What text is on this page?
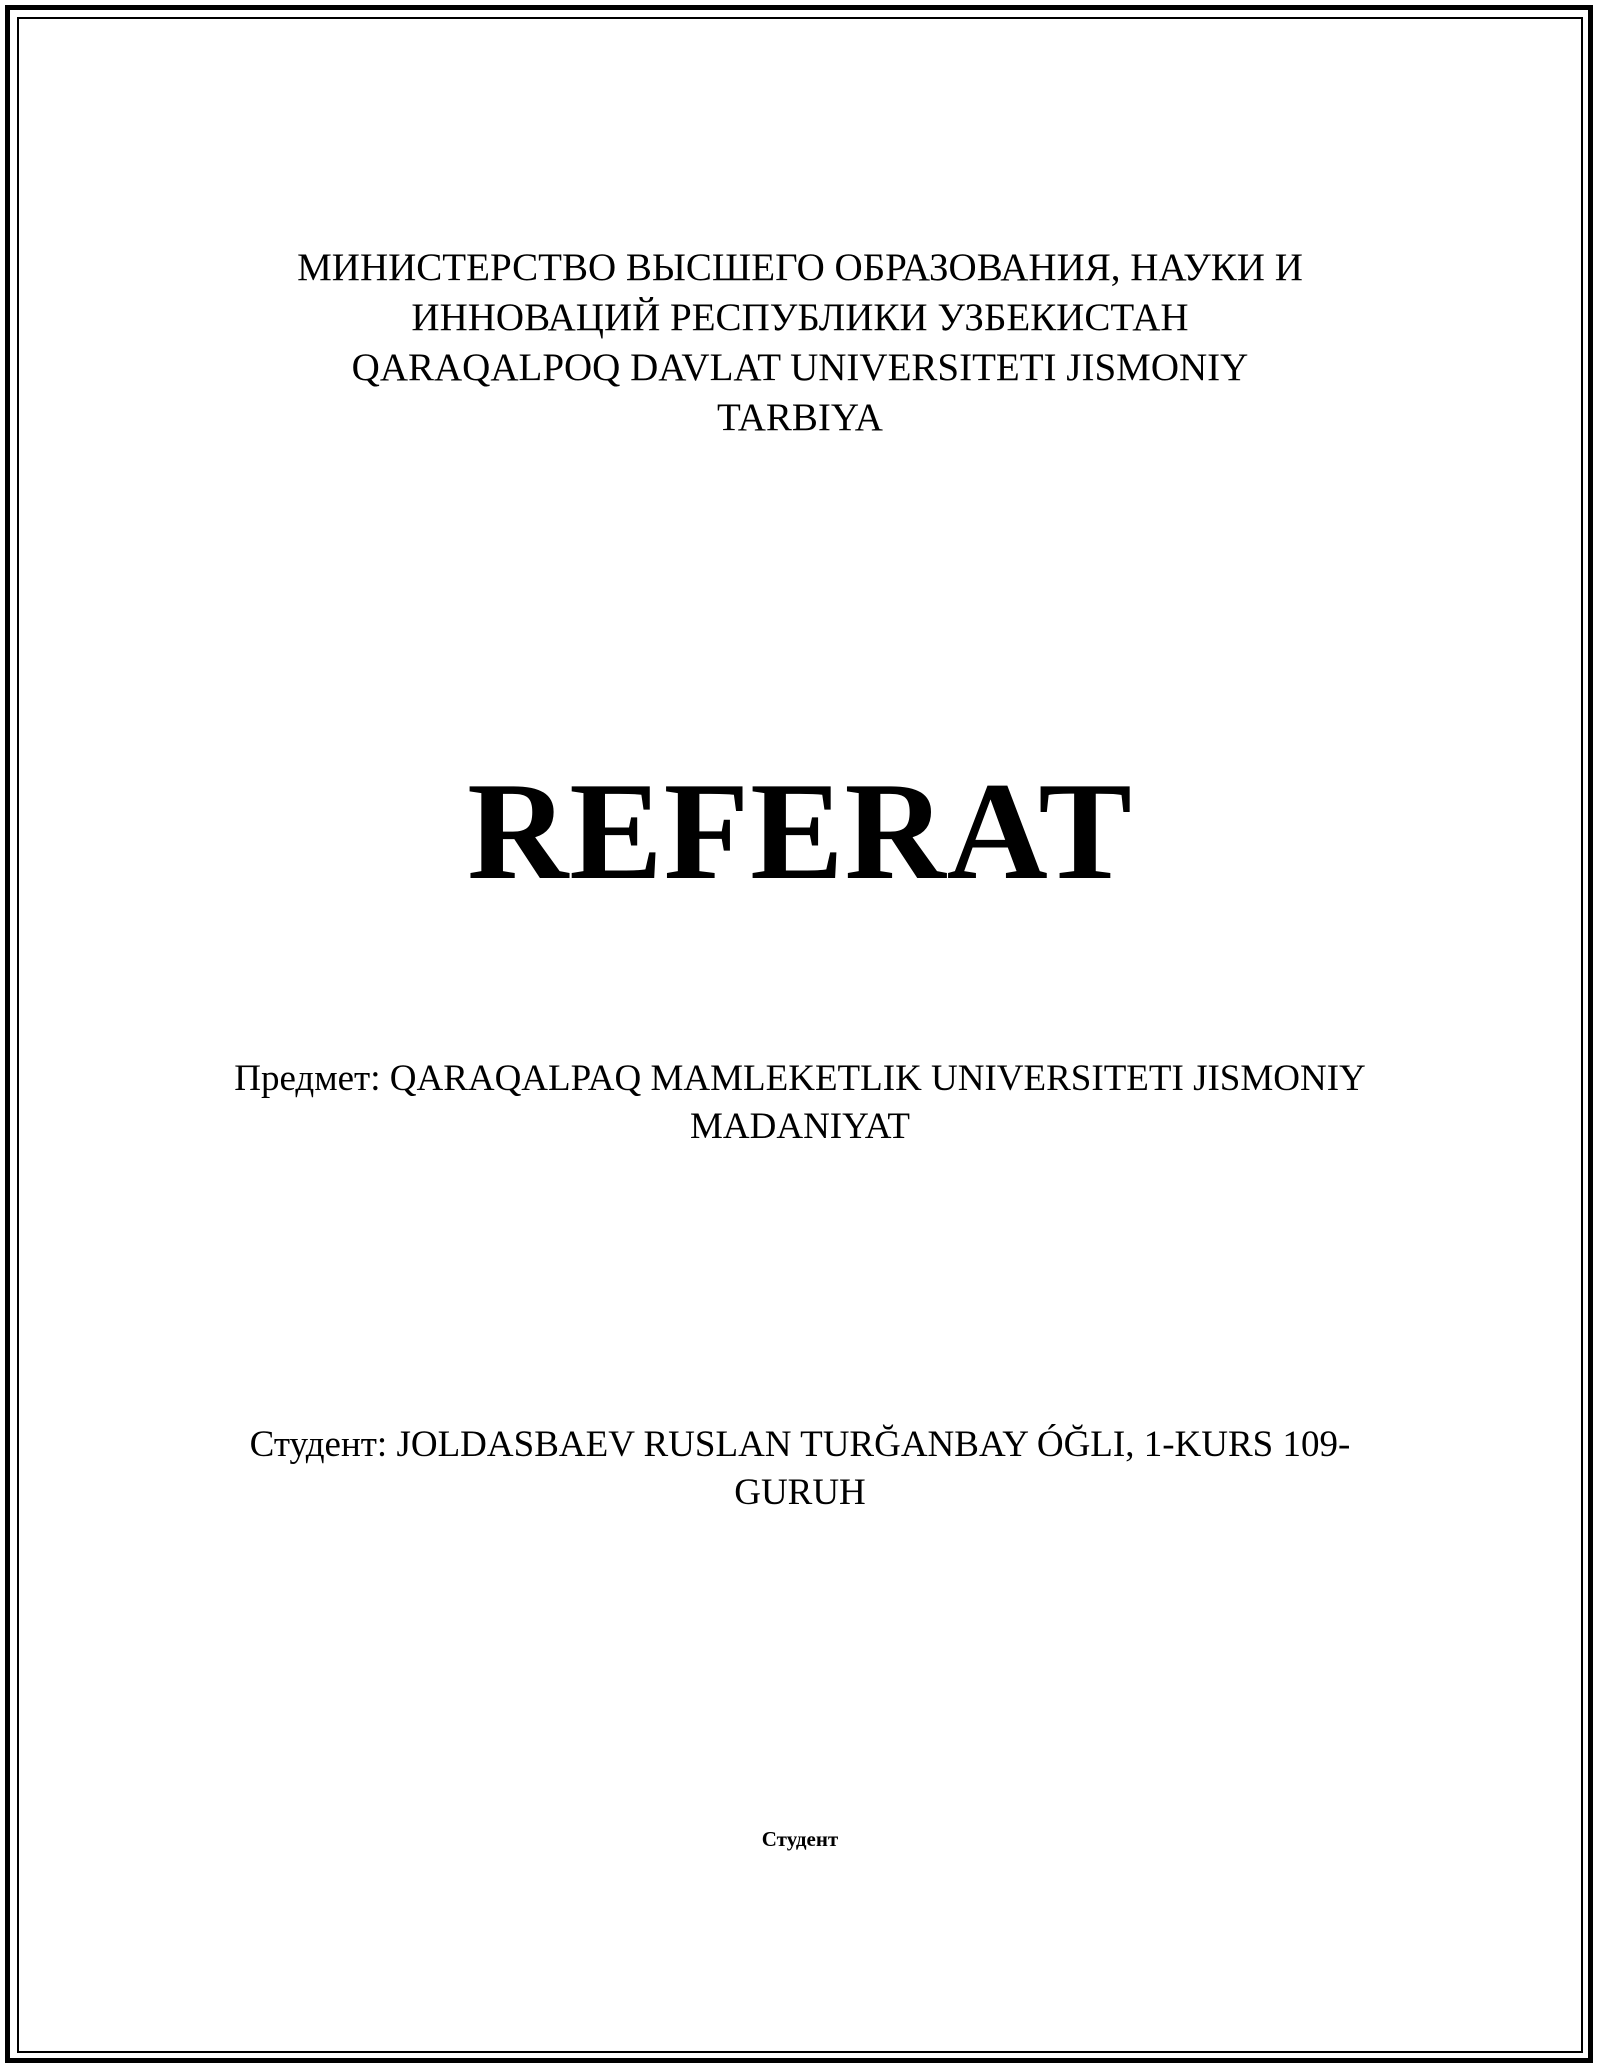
МИНИСТЕРСТВО ВЫСШЕГО ОБРАЗОВАНИЯ, НАУКИ И
ИННОВАЦИЙ РЕСПУБЛИКИ УЗБЕКИСТАН
QARAQALPOQ DAVLAT UNIVERSITETI JISMONIY
TARBIYA
REFERAT
Предмет: QARAQALPAQ MAMLEKETLIK UNIVERSITETI JISMONIY
MADANIYAT
Студент: JOLDASBAEV RUSLAN TURĞANBAY ÓĞLI, 1-KURS 109-
GURUH
Студент
